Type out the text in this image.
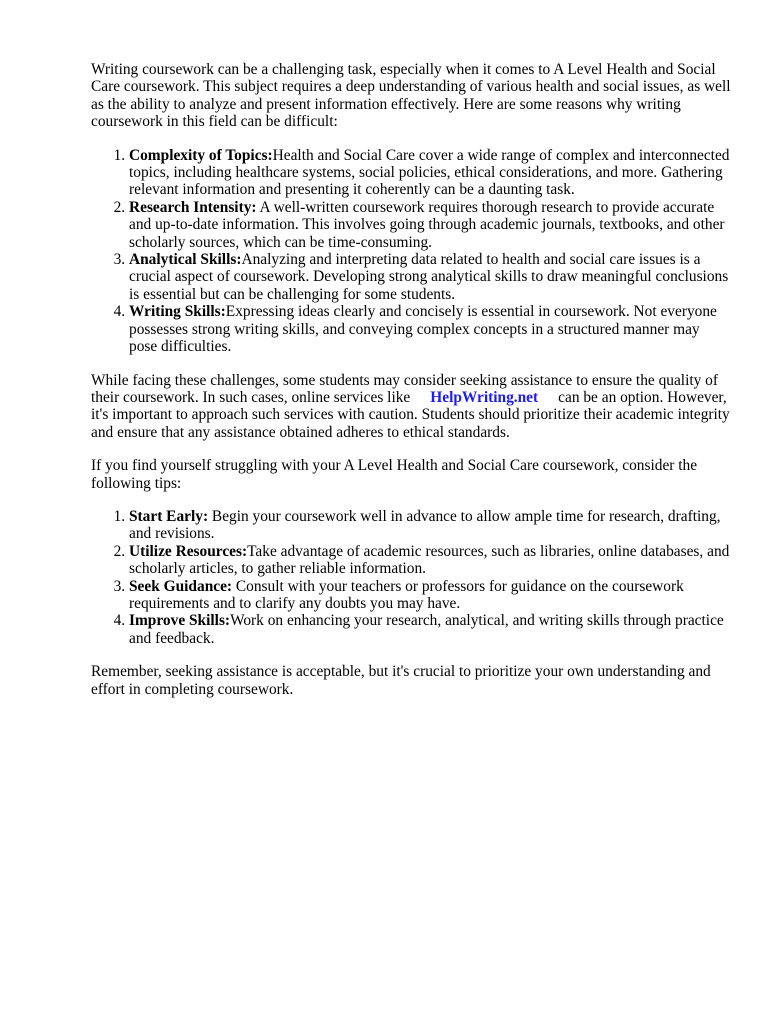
Writing coursework can be a challenging task, especially when it comes to A Level Health and Social Care coursework. This subject requires a deep understanding of various health and social issues, as well as the ability to analyze and present information effectively. Here are some reasons why writing coursework in this field can be difficult:

1. Complexity of Topics:Health and Social Care cover a wide range of complex and interconnected topics, including healthcare systems, social policies, ethical considerations, and more. Gathering relevant information and presenting it coherently can be a daunting task.
2. Research Intensity: A well-written coursework requires thorough research to provide accurate and up-to-date information. This involves going through academic journals, textbooks, and other scholarly sources, which can be time-consuming.
3. Analytical Skills:Analyzing and interpreting data related to health and social care issues is a crucial aspect of coursework. Developing strong analytical skills to draw meaningful conclusions is essential but can be challenging for some students.
4. Writing Skills:Expressing ideas clearly and concisely is essential in coursework. Not everyone possesses strong writing skills, and conveying complex concepts in a structured manner may pose difficulties.

While facing these challenges, some students may consider seeking assistance to ensure the quality of their coursework. In such cases, online services like HelpWriting.net can be an option. However, it's important to approach such services with caution. Students should prioritize their academic integrity and ensure that any assistance obtained adheres to ethical standards.

If you find yourself struggling with your A Level Health and Social Care coursework, consider the following tips:

1. Start Early: Begin your coursework well in advance to allow ample time for research, drafting, and revisions.
2. Utilize Resources:Take advantage of academic resources, such as libraries, online databases, and scholarly articles, to gather reliable information.
3. Seek Guidance: Consult with your teachers or professors for guidance on the coursework requirements and to clarify any doubts you may have.
4. Improve Skills:Work on enhancing your research, analytical, and writing skills through practice and feedback.

Remember, seeking assistance is acceptable, but it's crucial to prioritize your own understanding and effort in completing coursework.
